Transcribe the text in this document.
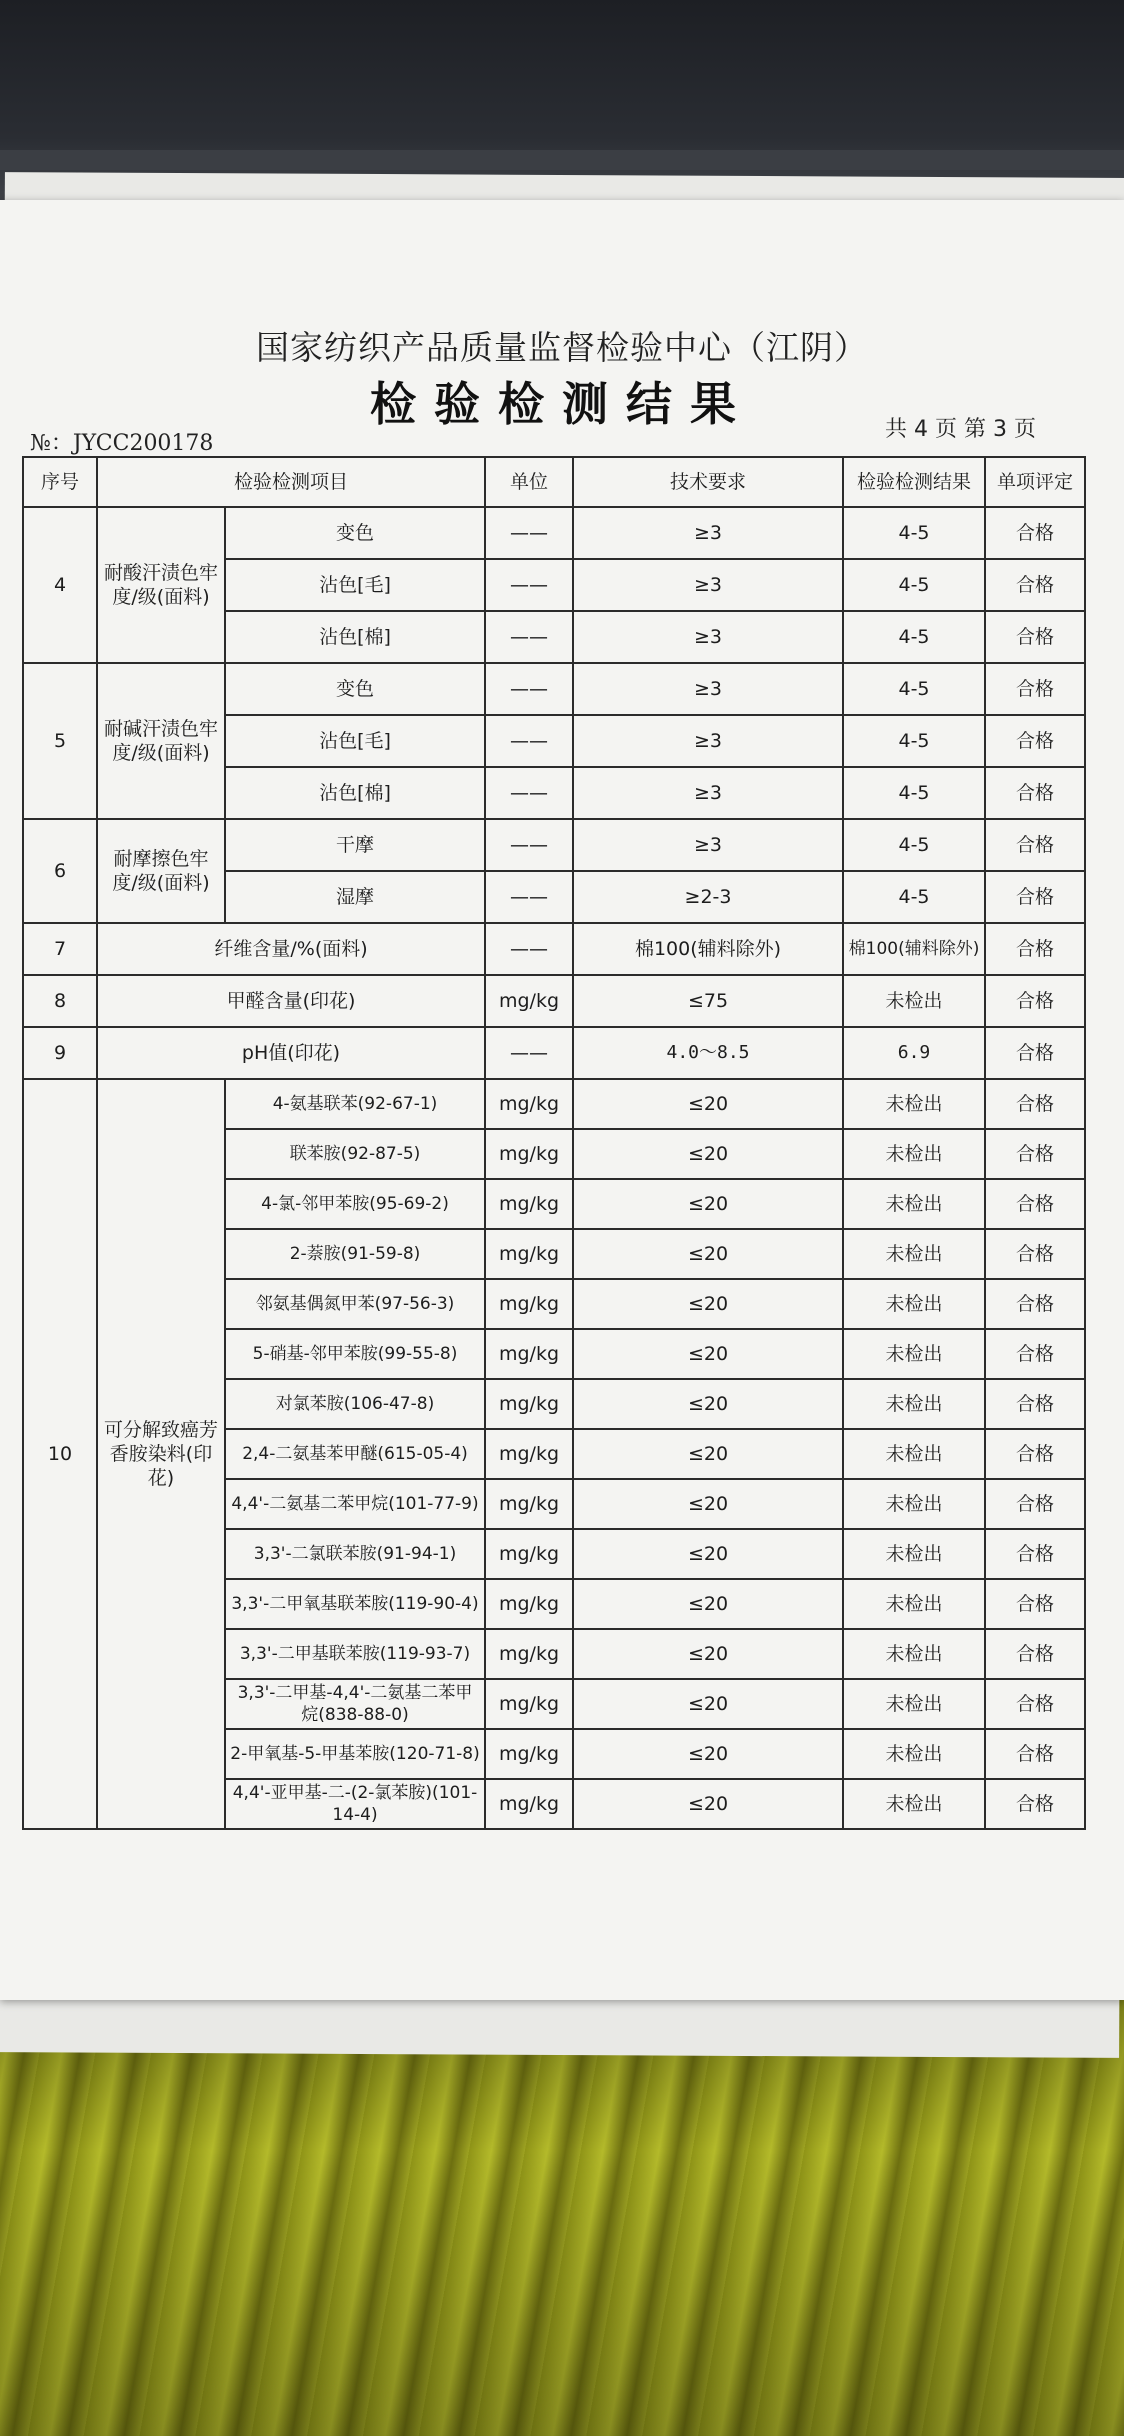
国家纺织产品质量监督检验中心（江阴）
检验检测结果
№：JYCC200178
共 4 页 第 3 页
序号	检验检测项目		单位	技术要求	检验检测结果	单项评定
4	耐酸汗渍色牢度/级(面料)	变色	——	≥3	4-5	合格
		沾色[毛]	——	≥3	4-5	合格
		沾色[棉]	——	≥3	4-5	合格
5	耐碱汗渍色牢度/级(面料)	变色	——	≥3	4-5	合格
		沾色[毛]	——	≥3	4-5	合格
		沾色[棉]	——	≥3	4-5	合格
6	耐摩擦色牢度/级(面料)	干摩	——	≥3	4-5	合格
		湿摩	——	≥2-3	4-5	合格
7	纤维含量/%(面料)		——	棉100(辅料除外)	棉100(辅料除外)	合格
8	甲醛含量(印花)		mg/kg	≤75	未检出	合格
9	pH值(印花)		——	4.0～8.5	6.9	合格
10	可分解致癌芳香胺染料(印花)	4-氨基联苯(92-67-1)	mg/kg	≤20	未检出	合格
		联苯胺(92-87-5)	mg/kg	≤20	未检出	合格
		4-氯-邻甲苯胺(95-69-2)	mg/kg	≤20	未检出	合格
		2-萘胺(91-59-8)	mg/kg	≤20	未检出	合格
		邻氨基偶氮甲苯(97-56-3)	mg/kg	≤20	未检出	合格
		5-硝基-邻甲苯胺(99-55-8)	mg/kg	≤20	未检出	合格
		对氯苯胺(106-47-8)	mg/kg	≤20	未检出	合格
		2,4-二氨基苯甲醚(615-05-4)	mg/kg	≤20	未检出	合格
		4,4'-二氨基二苯甲烷(101-77-9)	mg/kg	≤20	未检出	合格
		3,3'-二氯联苯胺(91-94-1)	mg/kg	≤20	未检出	合格
		3,3'-二甲氧基联苯胺(119-90-4)	mg/kg	≤20	未检出	合格
		3,3'-二甲基联苯胺(119-93-7)	mg/kg	≤20	未检出	合格
		3,3'-二甲基-4,4'-二氨基二苯甲烷(838-88-0)	mg/kg	≤20	未检出	合格
		2-甲氧基-5-甲基苯胺(120-71-8)	mg/kg	≤20	未检出	合格
		4,4'-亚甲基-二-(2-氯苯胺)(101-14-4)	mg/kg	≤20	未检出	合格
